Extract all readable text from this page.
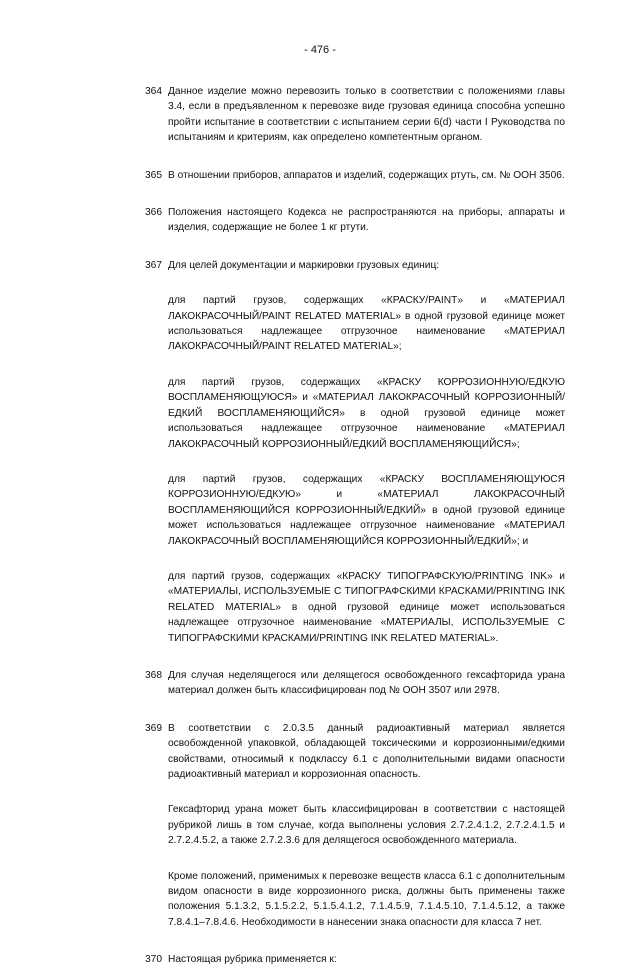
- 476 -
364 Данное изделие можно перевозить только в соответствии с положениями главы 3.4, если в предъявленном к перевозке виде грузовая единица способна успешно пройти испытание в соответствии с испытанием серии 6(d) части I Руководства по испытаниям и критериям, как определено компетентным органом.

365 В отношении приборов, аппаратов и изделий, содержащих ртуть, см. № ООН 3506.

366 Положения настоящего Кодекса не распространяются на приборы, аппараты и изделия, содержащие не более 1 кг ртути.

367 Для целей документации и маркировки грузовых единиц:

для партий грузов, содержащих «КРАСКУ/PAINT» и «МАТЕРИАЛ ЛАКОКРАСОЧНЫЙ/PAINT RELATED MATERIAL» в одной грузовой единице может использоваться надлежащее отгрузочное наименование «МАТЕРИАЛ ЛАКОКРАСОЧНЫЙ/PAINT RELATED MATERIAL»;

для партий грузов, содержащих «КРАСКУ КОРРОЗИОННУЮ/ЕДКУЮ ВОСПЛАМЕНЯЮЩУЮСЯ» и «МАТЕРИАЛ ЛАКОКРАСОЧНЫЙ КОРРОЗИОННЫЙ/ЕДКИЙ ВОСПЛАМЕНЯЮЩИЙСЯ» в одной грузовой единице может использоваться надлежащее отгрузочное наименование «МАТЕРИАЛ ЛАКОКРАСОЧНЫЙ КОРРОЗИОННЫЙ/ЕДКИЙ ВОСПЛАМЕНЯЮЩИЙСЯ»;

для партий грузов, содержащих «КРАСКУ ВОСПЛАМЕНЯЮЩУЮСЯ КОРРОЗИОННУЮ/ЕДКУЮ» и «МАТЕРИАЛ ЛАКОКРАСОЧНЫЙ ВОСПЛАМЕНЯЮЩИЙСЯ КОРРОЗИОННЫЙ/ЕДКИЙ» в одной грузовой единице может использоваться надлежащее отгрузочное наименование «МАТЕРИАЛ ЛАКОКРАСОЧНЫЙ ВОСПЛАМЕНЯЮЩИЙСЯ КОРРОЗИОННЫЙ/ЕДКИЙ»; и

для партий грузов, содержащих «КРАСКУ ТИПОГРАФСКУЮ/PRINTING INK» и «МАТЕРИАЛЫ, ИСПОЛЬЗУЕМЫЕ С ТИПОГРАФСКИМИ КРАСКАМИ/PRINTING INK RELATED MATERIAL» в одной грузовой единице может использоваться надлежащее отгрузочное наименование «МАТЕРИАЛЫ, ИСПОЛЬЗУЕМЫЕ С ТИПОГРАФСКИМИ КРАСКАМИ/PRINTING INK RELATED MATERIAL».

368 Для случая неделящегося или делящегося освобожденного гексафторида урана материал должен быть классифицирован под № ООН 3507 или 2978.

369 В соответствии с 2.0.3.5 данный радиоактивный материал является освобожденной упаковкой, обладающей токсическими и коррозионными/едкими свойствами, относимый к подклассу 6.1 с дополнительными видами опасности радиоактивный материал и коррозионная опасность.

Гексафторид урана может быть классифицирован в соответствии с настоящей рубрикой лишь в том случае, когда выполнены условия 2.7.2.4.1.2, 2.7.2.4.1.5 и 2.7.2.4.5.2, а также 2.7.2.3.6 для делящегося освобожденного материала.

Кроме положений, применимых к перевозке веществ класса 6.1 с дополнительным видом опасности в виде коррозионного риска, должны быть применены также положения 5.1.3.2, 5.1.5.2.2, 5.1.5.4.1.2, 7.1.4.5.9, 7.1.4.5.10, 7.1.4.5.12, а также 7.8.4.1–7.8.4.6. Необходимости в нанесении знака опасности для класса 7 нет.

370 Настоящая рубрика применяется к:
